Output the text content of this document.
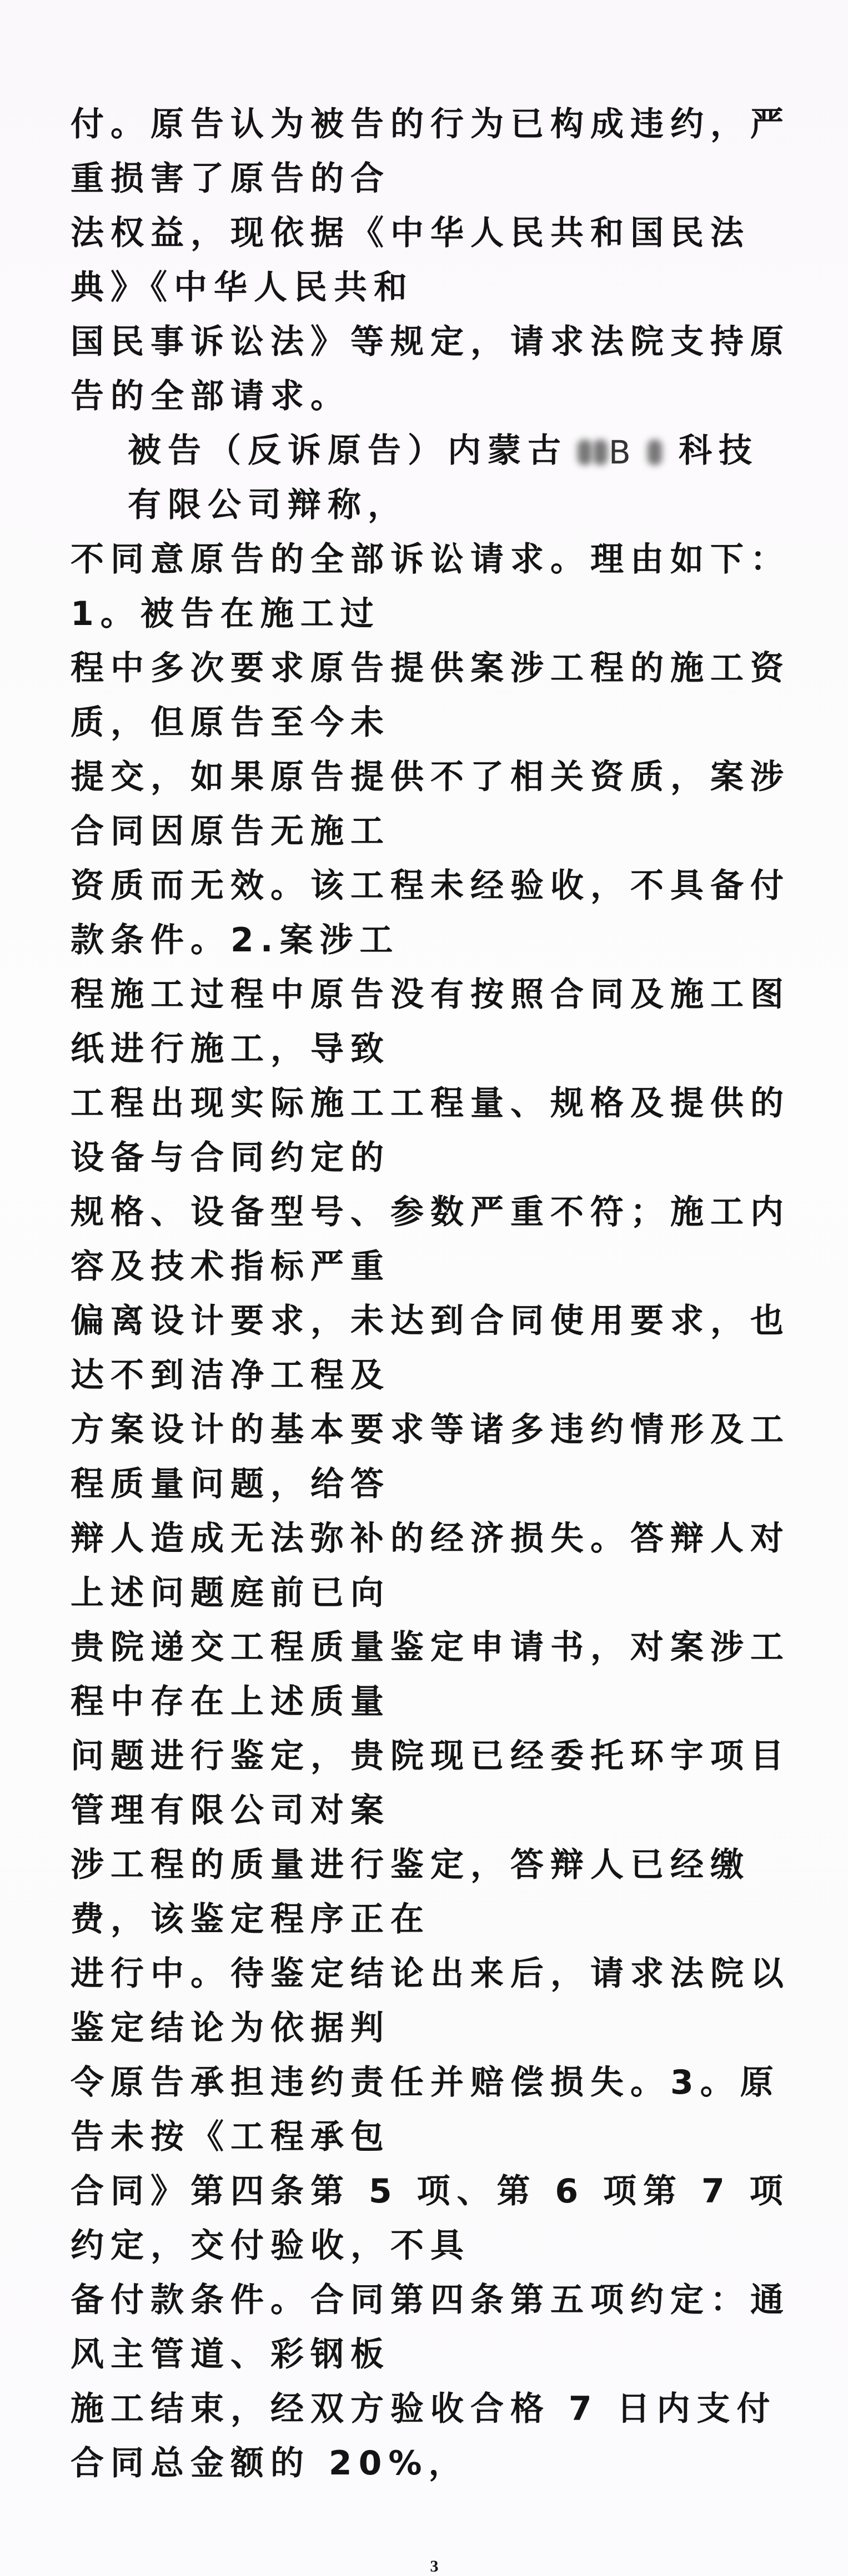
付。原告认为被告的行为已构成违约，严重损害了原告的合
法权益，现依据《中华人民共和国民法典》《中华人民共和
国民事诉讼法》等规定，请求法院支持原告的全部请求。
被告（反诉原告）内蒙古 B 科技有限公司辩称，
不同意原告的全部诉讼请求。理由如下：1。被告在施工过
程中多次要求原告提供案涉工程的施工资质，但原告至今未
提交，如果原告提供不了相关资质，案涉合同因原告无施工
资质而无效。该工程未经验收，不具备付款条件。2.案涉工
程施工过程中原告没有按照合同及施工图纸进行施工，导致
工程出现实际施工工程量、规格及提供的设备与合同约定的
规格、设备型号、参数严重不符；施工内容及技术指标严重
偏离设计要求，未达到合同使用要求，也达不到洁净工程及
方案设计的基本要求等诸多违约情形及工程质量问题，给答
辩人造成无法弥补的经济损失。答辩人对上述问题庭前已向
贵院递交工程质量鉴定申请书，对案涉工程中存在上述质量
问题进行鉴定，贵院现已经委托环宇项目管理有限公司对案
涉工程的质量进行鉴定，答辩人已经缴费，该鉴定程序正在
进行中。待鉴定结论出来后，请求法院以鉴定结论为依据判
令原告承担违约责任并赔偿损失。3。原告未按《工程承包
合同》第四条第 5 项、第 6 项第 7 项约定，交付验收，不具
备付款条件。合同第四条第五项约定：通风主管道、彩钢板
施工结束，经双方验收合格 7 日内支付合同总金额的 20%，
3
